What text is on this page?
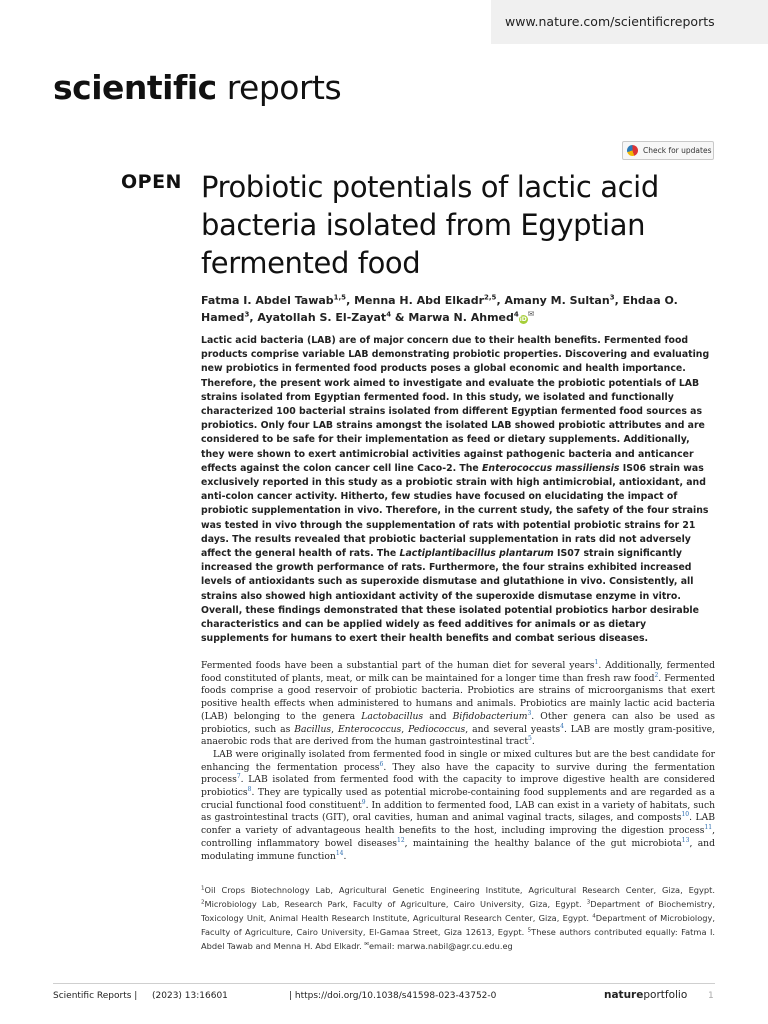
www.nature.com/scientificreports
scientific reports
Check for updates
OPEN Probiotic potentials of lactic acid bacteria isolated from Egyptian fermented food

Fatma I. Abdel Tawab$^{1,5}$, Menna H. Abd Elkadr$^{2,5}$, Amany M. Sultan$^3$, Ehdaa O. Hamed$^3$, Ayatollah S. El-Zayat$^4$ & Marwa N. Ahmed$^4$iD✉

Lactic acid bacteria (LAB) are of major concern due to their health benefits. Fermented food products comprise variable LAB demonstrating probiotic properties. Discovering and evaluating new probiotics in fermented food products poses a global economic and health importance. Therefore, the present work aimed to investigate and evaluate the probiotic potentials of LAB strains isolated from Egyptian fermented food. In this study, we isolated and functionally characterized 100 bacterial strains isolated from different Egyptian fermented food sources as probiotics. Only four LAB strains amongst the isolated LAB showed probiotic attributes and are considered to be safe for their implementation as feed or dietary supplements. Additionally, they were shown to exert antimicrobial activities against pathogenic bacteria and anticancer effects against the colon cancer cell line Caco-2. The Enterococcus massiliensis IS06 strain was exclusively reported in this study as a probiotic strain with high antimicrobial, antioxidant, and anti-colon cancer activity. Hitherto, few studies have focused on elucidating the impact of probiotic supplementation in vivo. Therefore, in the current study, the safety of the four strains was tested in vivo through the supplementation of rats with potential probiotic strains for 21 days. The results revealed that probiotic bacterial supplementation in rats did not adversely affect the general health of rats. The Lactiplantibacillus plantarum IS07 strain significantly increased the growth performance of rats. Furthermore, the four strains exhibited increased levels of antioxidants such as superoxide dismutase and glutathione in vivo. Consistently, all strains also showed high antioxidant activity of the superoxide dismutase enzyme in vitro. Overall, these findings demonstrated that these isolated potential probiotics harbor desirable characteristics and can be applied widely as feed additives for animals or as dietary supplements for humans to exert their health benefits and combat serious diseases.

Fermented foods have been a substantial part of the human diet for several years$^1$. Additionally, fermented food constituted of plants, meat, or milk can be maintained for a longer time than fresh raw food$^2$. Fermented foods comprise a good reservoir of probiotic bacteria. Probiotics are strains of microorganisms that exert positive health effects when administered to humans and animals. Probiotics are mainly lactic acid bacteria (LAB) belonging to the genera Lactobacillus and Bifidobacterium$^3$. Other genera can also be used as probiotics, such as Bacillus, Enterococcus, Pediococcus, and several yeasts$^4$. LAB are mostly gram-positive, anaerobic rods that are derived from the human gastrointestinal tract$^5$.

LAB were originally isolated from fermented food in single or mixed cultures but are the best candidate for enhancing the fermentation process$^6$. They also have the capacity to survive during the fermentation process$^7$. LAB isolated from fermented food with the capacity to improve digestive health are considered probiotics$^8$. They are typically used as potential microbe-containing food supplements and are regarded as a crucial functional food constituent$^9$. In addition to fermented food, LAB can exist in a variety of habitats, such as gastrointestinal tracts (GIT), oral cavities, human and animal vaginal tracts, silages, and composts$^{10}$. LAB confer a variety of advantageous health benefits to the host, including improving the digestion process$^{11}$, controlling inflammatory bowel diseases$^{12}$, maintaining the healthy balance of the gut microbiota$^{13}$, and modulating immune function$^{14}$.

$^1$Oil Crops Biotechnology Lab, Agricultural Genetic Engineering Institute, Agricultural Research Center, Giza, Egypt. $^2$Microbiology Lab, Research Park, Faculty of Agriculture, Cairo University, Giza, Egypt. $^3$Department of Biochemistry, Toxicology Unit, Animal Health Research Institute, Agricultural Research Center, Giza, Egypt. $^4$Department of Microbiology, Faculty of Agriculture, Cairo University, El-Gamaa Street, Giza 12613, Egypt. $^5$These authors contributed equally: Fatma I. Abdel Tawab and Menna H. Abd Elkadr. ✉email: marwa.nabil@agr.cu.edu.eg

Scientific Reports | (2023) 13:16601	| https://doi.org/10.1038/s41598-023-43752-0	natureportfolio 1
